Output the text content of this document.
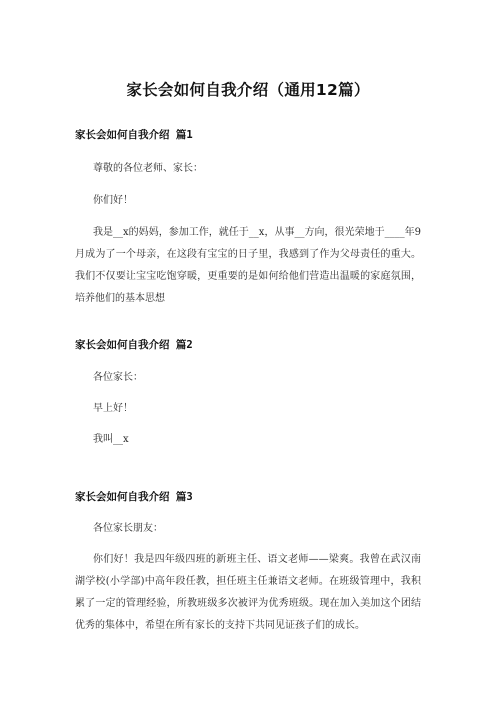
家长会如何自我介绍（通用12篇）
家长会如何自我介绍 篇1

尊敬的各位老师、家长：

你们好！

我是__x的妈妈，参加工作，就任于__x，从事__方向，很光荣地于____年9月成为了一个母亲，在这段有宝宝的日子里，我感到了作为父母责任的重大。我们不仅要让宝宝吃饱穿暖，更重要的是如何给他们营造出温暖的家庭氛围，培养他们的基本思想

家长会如何自我介绍 篇2

各位家长：

早上好！

我叫__x

家长会如何自我介绍 篇3

各位家长朋友：

你们好！我是四年级四班的新班主任、语文老师——梁爽。我曾在武汉南湖学校(小学部)中高年段任教，担任班主任兼语文老师。在班级管理中，我积累了一定的管理经验，所教班级多次被评为优秀班级。现在加入美加这个团结优秀的集体中，希望在所有家长的支持下共同见证孩子们的成长。
